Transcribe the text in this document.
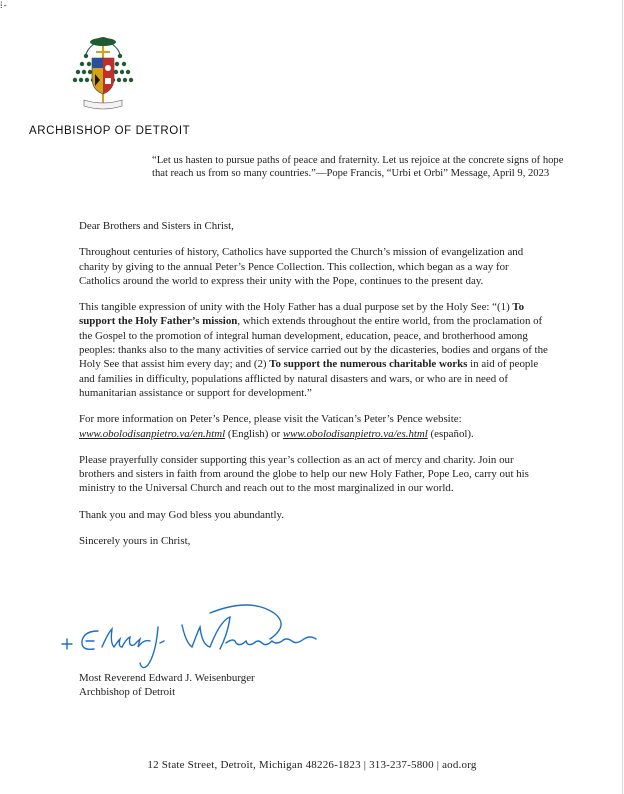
⁞-
ARCHBISHOP OF DETROIT
“Let us hasten to pursue paths of peace and fraternity. Let us rejoice at the concrete signs of hope that reach us from so many countries.”—Pope Francis, “Urbi et Orbi” Message, April 9, 2023

Dear Brothers and Sisters in Christ,

Throughout centuries of history, Catholics have supported the Church’s mission of evangelization and charity by giving to the annual Peter’s Pence Collection. This collection, which began as a way for Catholics around the world to express their unity with the Pope, continues to the present day.

This tangible expression of unity with the Holy Father has a dual purpose set by the Holy See: “(1) To support the Holy Father’s mission, which extends throughout the entire world, from the proclamation of the Gospel to the promotion of integral human development, education, peace, and brotherhood among peoples: thanks also to the many activities of service carried out by the dicasteries, bodies and organs of the Holy See that assist him every day; and (2) To support the numerous charitable works in aid of people and families in difficulty, populations afflicted by natural disasters and wars, or who are in need of humanitarian assistance or support for development.”

For more information on Peter’s Pence, please visit the Vatican’s Peter’s Pence website: www.obolodisanpietro.va/en.html (English) or www.obolodisanpietro.va/es.html (español).

Please prayerfully consider supporting this year’s collection as an act of mercy and charity. Join our brothers and sisters in faith from around the globe to help our new Holy Father, Pope Leo, carry out his ministry to the Universal Church and reach out to the most marginalized in our world.

Thank you and may God bless you abundantly.

Sincerely yours in Christ,

Most Reverend Edward J. Weisenburger
Archbishop of Detroit
12 State Street, Detroit, Michigan 48226-1823 | 313-237-5800 | aod.org
